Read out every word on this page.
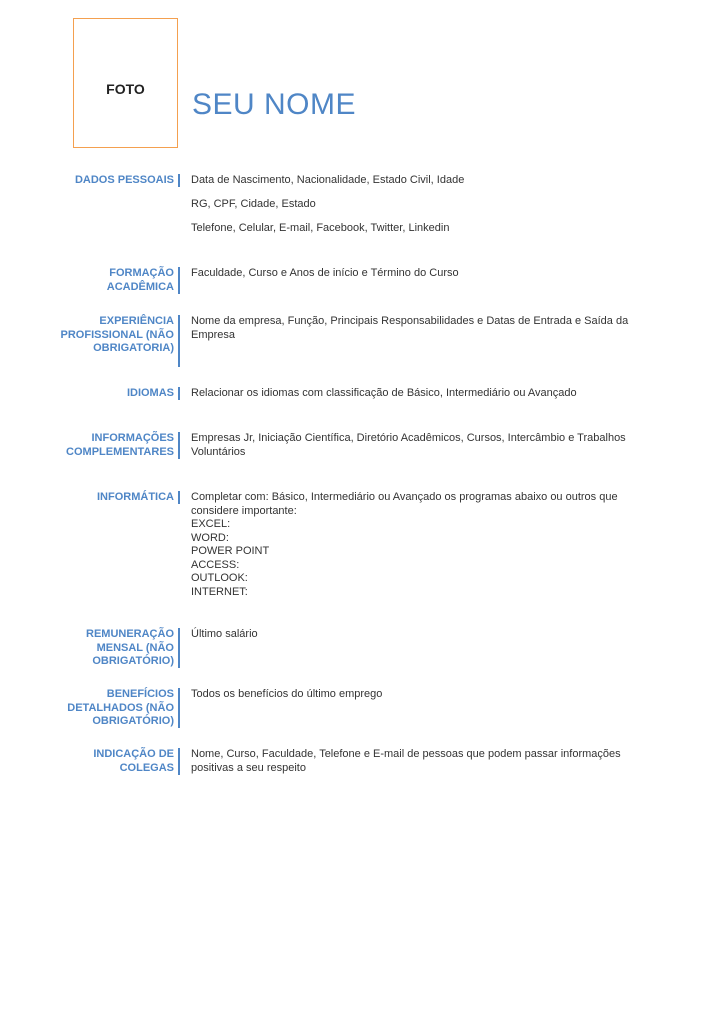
FOTO	SEU NOME
DADOS PESSOAIS Data de Nascimento, Nacionalidade, Estado Civil, Idade
RG, CPF, Cidade, Estado
Telefone, Celular, E-mail, Facebook, Twitter, Linkedin
FORMAÇÃO ACADÊMICA
Faculdade, Curso e Anos de início e Término do Curso
EXPERIÊNCIA PROFISSIONAL (NÃO OBRIGATORIA)
Nome da empresa, Função, Principais Responsabilidades e Datas de Entrada e Saída da Empresa
IDIOMAS Relacionar os idiomas com classificação de Básico, Intermediário ou Avançado
INFORMAÇÕES COMPLEMENTARES
Empresas Jr, Iniciação Científica, Diretório Acadêmicos, Cursos, Intercâmbio e Trabalhos Voluntários
INFORMÁTICA Completar com: Básico, Intermediário ou Avançado os programas abaixo ou outros que considere importante:
EXCEL:
WORD:
POWER POINT
ACCESS:
OUTLOOK:
INTERNET:
REMUNERAÇÃO MENSAL (NÃO OBRIGATÓRIO)
Último salário
BENEFÍCIOS DETALHADOS (NÃO OBRIGATÓRIO)
Todos os benefícios do último emprego
INDICAÇÃO DE COLEGAS
Nome, Curso, Faculdade, Telefone e E-mail de pessoas que podem passar informações positivas a seu respeito
